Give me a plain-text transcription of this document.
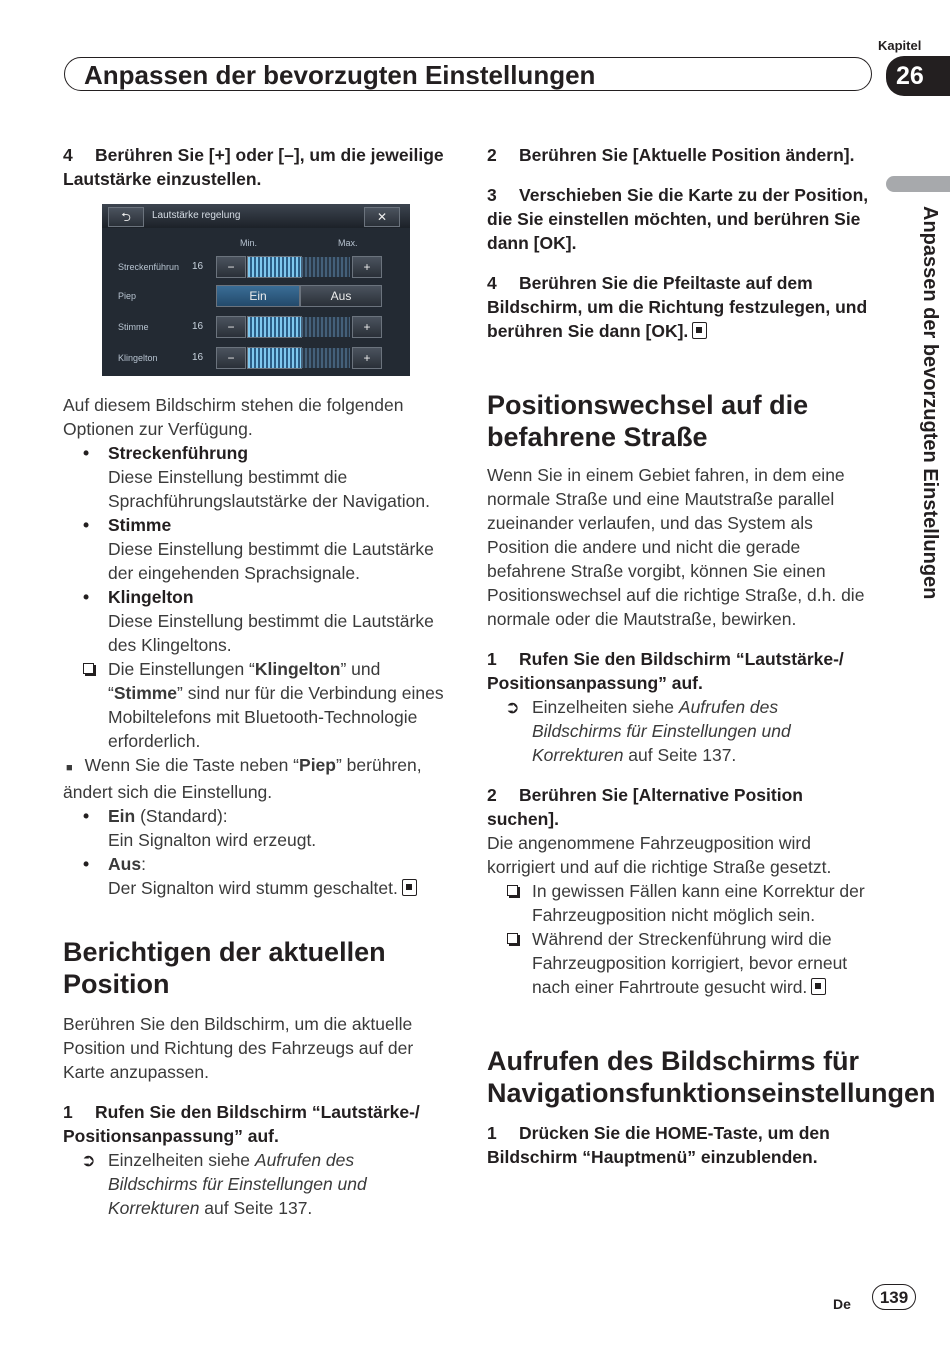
Anpassen der bevorzugten Einstellungen
Kapitel
26
Anpassen der bevorzugten Einstellungen

4 Berühren Sie [+] oder [–], um die jeweilige Lautstärke einzustellen.

⮌	Lautstärke regelung	✕
Min.	Max.
Streckenführun 16	−	+
Piep	Ein	Aus
Stimme	16	−	+
Klingelton	16	−	+

Auf diesem Bildschirm stehen die folgenden Optionen zur Verfügung.

• Streckenführung

Diese Einstellung bestimmt die Sprachführungslautstärke der Navigation.

• Stimme

Diese Einstellung bestimmt die Lautstärke der eingehenden Sprachsignale.

• Klingelton

Diese Einstellung bestimmt die Lautstärke des Klingeltons.

Die Einstellungen “Klingelton” und “Stimme” sind nur für die Verbindung eines Mobiltelefons mit Bluetooth-Technologie erforderlich.

■ Wenn Sie die Taste neben “Piep” berühren, ändert sich die Einstellung.

• Ein (Standard):

Ein Signalton wird erzeugt.

• Aus:

Der Signalton wird stumm geschaltet.

Berichtigen der aktuellen Position

Berühren Sie den Bildschirm, um die aktuelle Position und Richtung des Fahrzeugs auf der Karte anzupassen.

1 Rufen Sie den Bildschirm “Lautstärke-/ Positionsanpassung” auf.

➲ Einzelheiten siehe Aufrufen des Bildschirms für Einstellungen und Korrekturen auf Seite 137.

2 Berühren Sie [Aktuelle Position ändern].

3 Verschieben Sie die Karte zu der Position, die Sie einstellen möchten, und berühren Sie dann [OK].

4 Berühren Sie die Pfeiltaste auf dem Bildschirm, um die Richtung festzulegen, und berühren Sie dann [OK].

Positionswechsel auf die befahrene Straße

Wenn Sie in einem Gebiet fahren, in dem eine normale Straße und eine Mautstraße parallel zueinander verlaufen, und das System als Position die andere und nicht die gerade befahrene Straße vorgibt, können Sie einen Positionswechsel auf die richtige Straße, d.h. die normale oder die Mautstraße, bewirken.

1 Rufen Sie den Bildschirm “Lautstärke-/ Positionsanpassung” auf.

➲ Einzelheiten siehe Aufrufen des Bildschirms für Einstellungen und Korrekturen auf Seite 137.

2 Berühren Sie [Alternative Position suchen].

Die angenommene Fahrzeugposition wird korrigiert und auf die richtige Straße gesetzt.

In gewissen Fällen kann eine Korrektur der Fahrzeugposition nicht möglich sein.

Während der Streckenführung wird die Fahrzeugposition korrigiert, bevor erneut nach einer Fahrtroute gesucht wird.

Aufrufen des Bildschirms für Navigationsfunktionseinstellungen

1 Drücken Sie die HOME-Taste, um den Bildschirm “Hauptmenü” einzublenden.

De	139
